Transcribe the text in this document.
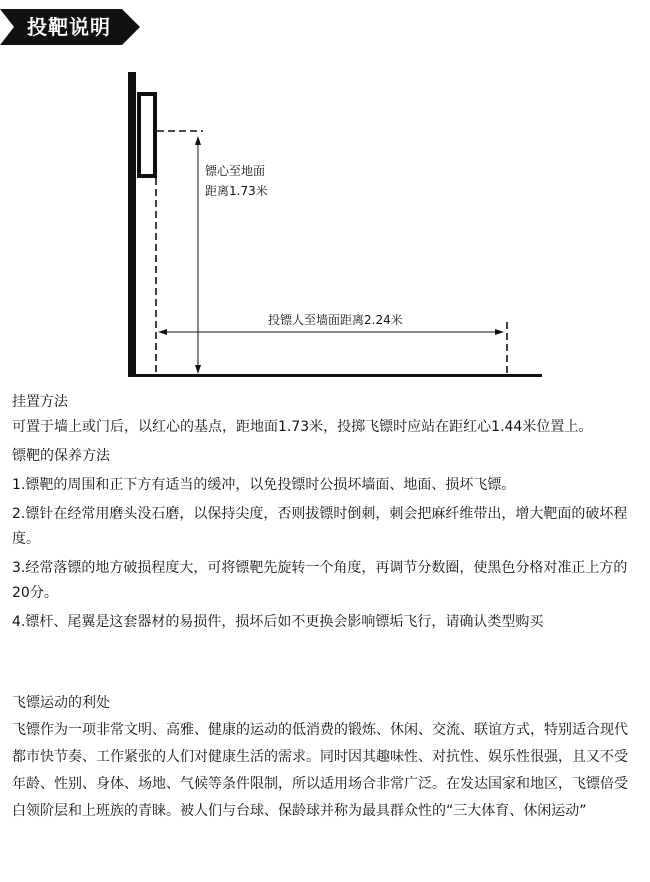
投靶说明
镖心至地面
距离1.73米
投镖人至墙面距离2.24米

挂置方法

可置于墙上或门后，以红心的基点，距地面1.73米，投掷飞镖时应站在距红心1.44米位置上。

镖靶的保养方法

1.镖靶的周围和正下方有适当的缓冲，以免投镖时公损坏墙面、地面、损坏飞镖。

2.镖针在经常用磨头没石磨，以保持尖度，否则拔镖时倒刺，刺会把麻纤维带出，增大靶面的破坏程度。

3.经常落镖的地方破损程度大，可将镖靶先旋转一个角度，再调节分数圈，使黑色分格对准正上方的20分。

4.镖杆、尾翼是这套器材的易损件，损坏后如不更换会影响镖垢飞行，请确认类型购买

飞镖运动的利处

飞镖作为一项非常文明、高雅、健康的运动的低消费的锻炼、休闲、交流、联谊方式，特别适合现代都市快节奏、工作紧张的人们对健康生活的需求。同时因其趣味性、对抗性、娱乐性很强，且又不受年龄、性别、身体、场地、气候等条件限制，所以适用场合非常广泛。在发达国家和地区，飞镖倍受白领阶层和上班族的青睐。被人们与台球、保龄球并称为最具群众性的“三大体育、休闲运动”
